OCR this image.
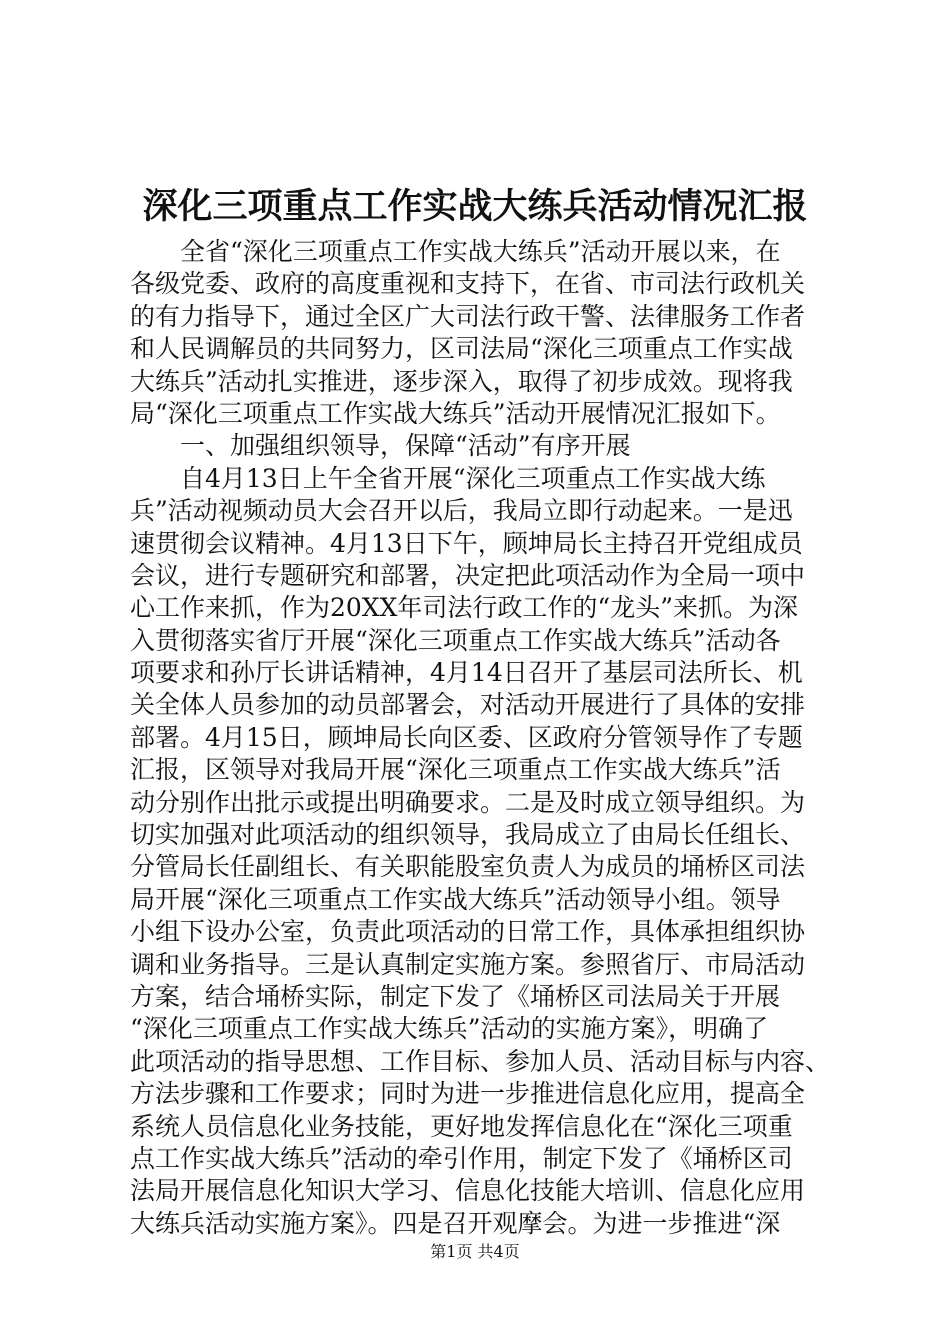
深化三项重点工作实战大练兵活动情况汇报
　　全省“深化三项重点工作实战大练兵”活动开展以来，在
各级党委、政府的高度重视和支持下，在省、市司法行政机关
的有力指导下，通过全区广大司法行政干警、法律服务工作者
和人民调解员的共同努力，区司法局“深化三项重点工作实战
大练兵”活动扎实推进，逐步深入，取得了初步成效。现将我
局“深化三项重点工作实战大练兵”活动开展情况汇报如下。
　　一、加强组织领导，保障“活动”有序开展
　　自4月13日上午全省开展“深化三项重点工作实战大练
兵”活动视频动员大会召开以后，我局立即行动起来。一是迅
速贯彻会议精神。4月13日下午，顾坤局长主持召开党组成员
会议，进行专题研究和部署，决定把此项活动作为全局一项中
心工作来抓，作为20XX年司法行政工作的“龙头”来抓。为深
入贯彻落实省厅开展“深化三项重点工作实战大练兵”活动各
项要求和孙厅长讲话精神，4月14日召开了基层司法所长、机
关全体人员参加的动员部署会，对活动开展进行了具体的安排
部署。4月15日，顾坤局长向区委、区政府分管领导作了专题
汇报，区领导对我局开展“深化三项重点工作实战大练兵”活
动分别作出批示或提出明确要求。二是及时成立领导组织。为
切实加强对此项活动的组织领导，我局成立了由局长任组长、
分管局长任副组长、有关职能股室负责人为成员的埇桥区司法
局开展“深化三项重点工作实战大练兵”活动领导小组。领导
小组下设办公室，负责此项活动的日常工作，具体承担组织协
调和业务指导。三是认真制定实施方案。参照省厅、市局活动
方案，结合埇桥实际，制定下发了《埇桥区司法局关于开展
“深化三项重点工作实战大练兵”活动的实施方案》，明确了
此项活动的指导思想、工作目标、参加人员、活动目标与内容、
方法步骤和工作要求；同时为进一步推进信息化应用，提高全
系统人员信息化业务技能，更好地发挥信息化在“深化三项重
点工作实战大练兵”活动的牵引作用，制定下发了《埇桥区司
法局开展信息化知识大学习、信息化技能大培训、信息化应用
大练兵活动实施方案》。四是召开观摩会。为进一步推进“深
第1页 共4页
